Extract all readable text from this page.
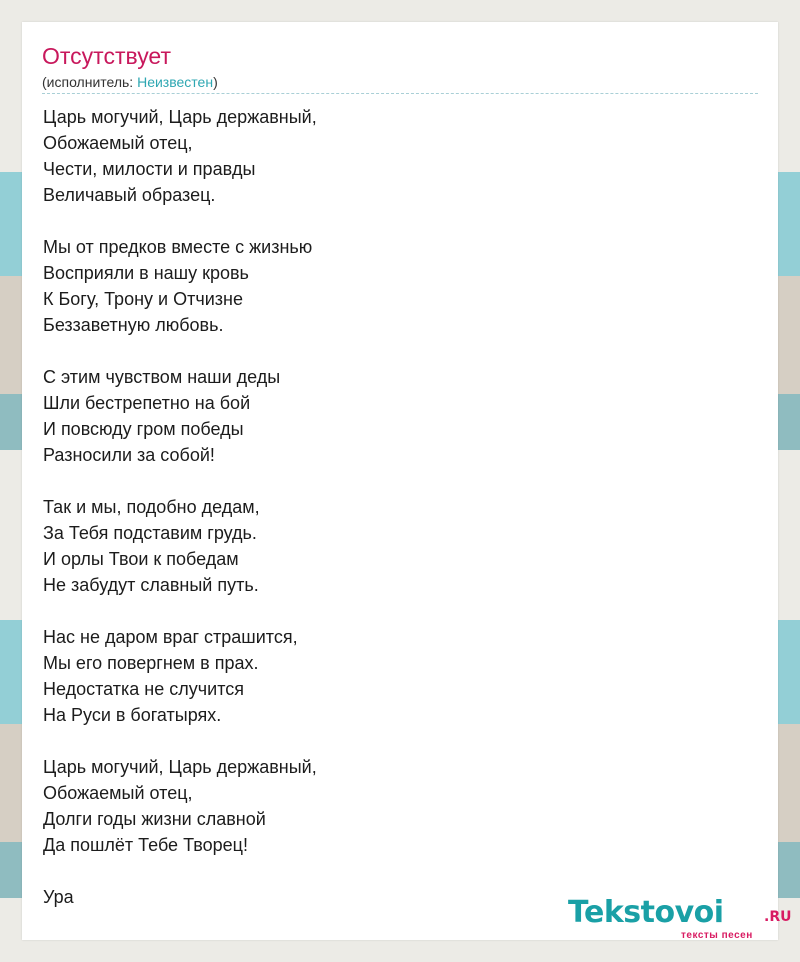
Отсутствует
(исполнитель: Неизвестен)
Царь могучий, Царь державный,
Обожаемый отец,
Чести, милости и правды
Величавый образец.
Мы от предков вместе с жизнью
Восприяли в нашу кровь
К Богу, Трону и Отчизне
Беззаветную любовь.
С этим чувством наши деды
Шли бестрепетно на бой
И повсюду гром победы
Разносили за собой!
Так и мы, подобно дедам,
За Тебя подставим грудь.
И орлы Твои к победам
Не забудут славный путь.
Нас не даром враг страшится,
Мы его повергнем в прах.
Недостатка не случится
На Руси в богатырях.
Царь могучий, Царь державный,
Обожаемый отец,
Долги годы жизни славной
Да пошлёт Тебе Творец!
Ура	Tekstovoi	.RU
тексты песен
